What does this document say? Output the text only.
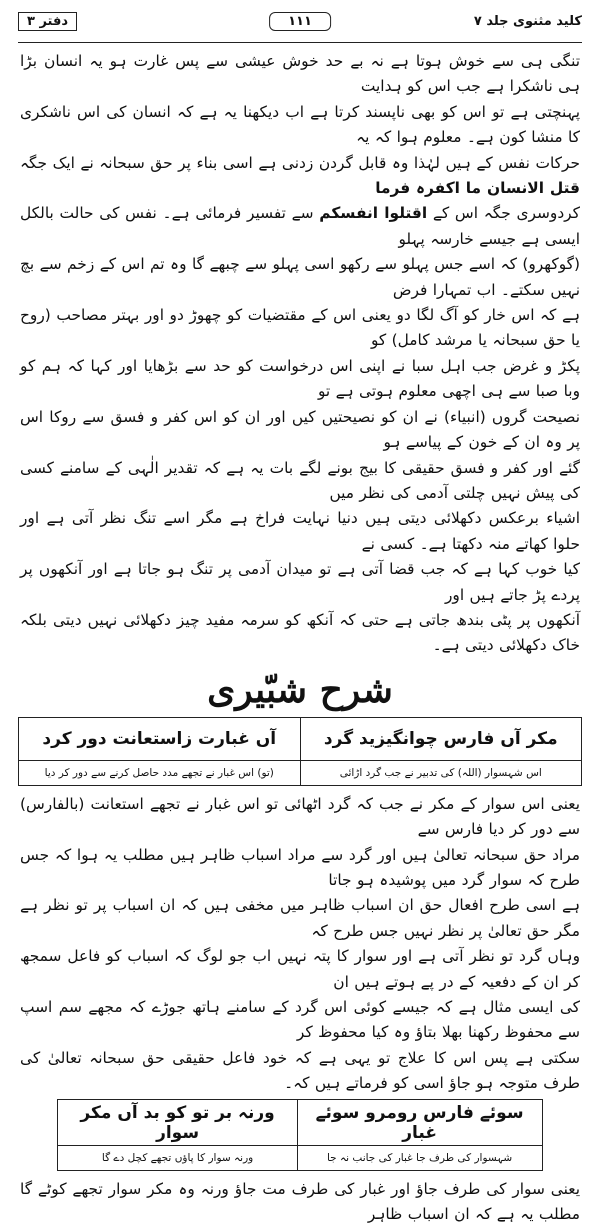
کلید مثنوی جلد ۷
۱۱۱
دفتر ۳

تنگی ہی سے خوش ہوتا ہے نہ بے حد خوش عیشی سے پس غارت ہو یہ انسان بڑا ہی ناشکرا ہے جب اس کو ہدایت

پہنچتی ہے تو اس کو بھی ناپسند کرتا ہے اب دیکھنا یہ ہے کہ انسان کی اس ناشکری کا منشا کون ہے۔ معلوم ہوا کہ یہ

حرکات نفس کے ہیں لہٰذا وہ قابل گردن زدنی ہے اسی بناء پر حق سبحانہ نے ایک جگہ قتل الانسان ما اکفرہ فرما

کردوسری جگہ اس کے اقتلوا انفسکم سے تفسیر فرمائی ہے۔ نفس کی حالت بالکل ایسی ہے جیسے خارسہ پہلو

(گوکھرو) کہ اسے جس پہلو سے رکھو اسی پہلو سے چبھے گا وہ تم اس کے زخم سے بچ نہیں سکتے۔ اب تمہارا فرض

ہے کہ اس خار کو آگ لگا دو یعنی اس کے مقتضیات کو چھوڑ دو اور بہتر مصاحب (روح یا حق سبحانہ یا مرشد کامل) کو

پکڑ و غرض جب اہل سبا نے اپنی اس درخواست کو حد سے بڑھایا اور کہا کہ ہم کو وبا صبا سے ہی اچھی معلوم ہوتی ہے تو

نصیحت گروں (انبیاء) نے ان کو نصیحتیں کیں اور ان کو اس کفر و فسق سے روکا اس پر وہ ان کے خون کے پیاسے ہو

گئے اور کفر و فسق حقیقی کا بیج بونے لگے بات یہ ہے کہ تقدیر الٰہی کے سامنے کسی کی پیش نہیں چلتی آدمی کی نظر میں

اشیاء برعکس دکھلائی دیتی ہیں دنیا نہایت فراخ ہے مگر اسے تنگ نظر آتی ہے اور حلوا کھاتے منہ دکھتا ہے۔ کسی نے

کیا خوب کہا ہے کہ جب قضا آتی ہے تو میدان آدمی پر تنگ ہو جاتا ہے اور آنکھوں پر پردے پڑ جاتے ہیں اور

آنکھوں پر پٹی بندھ جاتی ہے حتی کہ آنکھ کو سرمہ مفید چیز دکھلائی نہیں دیتی بلکہ خاک دکھلائی دیتی ہے۔

شرح شبّیری
مکر آں فارس چوانگیزید گرد	آں غبارت زاستعانت دور کرد
اس شہسوار (اللہ) کی تدبیر نے جب گرد اڑائی	(تو) اس غبار نے تجھے مدد حاصل کرنے سے دور کر دیا

یعنی اس سوار کے مکر نے جب کہ گرد اٹھائی تو اس غبار نے تجھے استعانت (بالفارس) سے دور کر دیا فارس سے

مراد حق سبحانہ تعالیٰ ہیں اور گرد سے مراد اسباب ظاہر ہیں مطلب یہ ہوا کہ جس طرح کہ سوار گرد میں پوشیدہ ہو جاتا

ہے اسی طرح افعال حق ان اسباب ظاہر میں مخفی ہیں کہ ان اسباب پر تو نظر ہے مگر حق تعالیٰ پر نظر نہیں جس طرح کہ

وہاں گرد تو نظر آتی ہے اور سوار کا پتہ نہیں اب جو لوگ کہ اسباب کو فاعل سمجھ کر ان کے دفعیہ کے در پے ہوتے ہیں ان

کی ایسی مثال ہے کہ جیسے کوئی اس گرد کے سامنے ہاتھ جوڑے کہ مجھے سم اسپ سے محفوظ رکھنا بھلا بتاؤ وہ کیا محفوظ کر

سکتی ہے پس اس کا علاج تو یہی ہے کہ خود فاعل حقیقی حق سبحانہ تعالیٰ کی طرف متوجہ ہو جاؤ اسی کو فرماتے ہیں کہ۔

سوئے فارس رومرو سوئے غبار	ورنہ بر تو کو بد آں مکر سوار
شہسوار کی طرف جا غبار کی جانب نہ جا	ورنہ سوار کا پاؤں تجھے کچل دے گا

یعنی سوار کی طرف جاؤ اور غبار کی طرف مت جاؤ ورنہ وہ مکر سوار تجھے کوٹے گا مطلب یہ ہے کہ ان اسباب ظاہر
